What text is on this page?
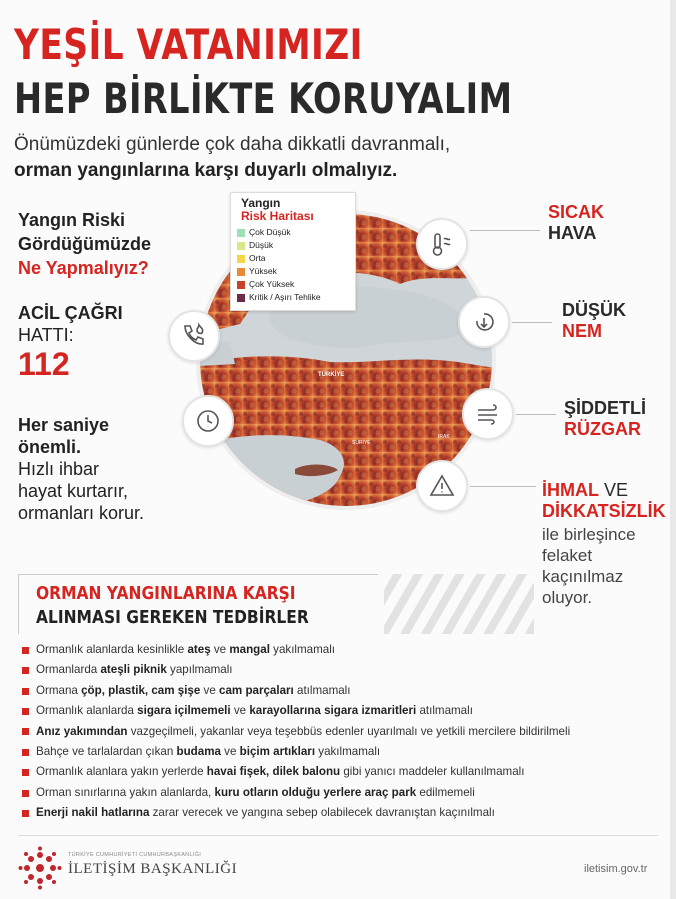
YEŞİL VATANIMIZI
HEP BİRLİKTE KORUYALIM
Önümüzdeki günlerde çok daha dikkatli davranmalı,
orman yangınlarına karşı duyarlı olmalıyız.
Yangın Riski
Gördüğümüzde
Ne Yapmalıyız?
ACİL ÇAĞRI
HATTI:
112
Her saniye
önemli.
Hızlı ihbar
hayat kurtarır,
ormanları korur.
TÜRKİYE
SURİYE
IRAK
Yangın
Risk Haritası
Çok Düşük
Düşük
Orta
Yüksek
Çok Yüksek
Kritik / Aşırı Tehlike
SICAK
HAVA
DÜŞÜK
NEM
ŞİDDETLİ
RÜZGAR
İHMAL VE
DİKKATSİZLİK
ile birleşince
felaket
kaçınılmaz
oluyor.
ORMAN YANGINLARINA KARŞI
ALINMASI GEREKEN TEDBİRLER
Ormanlık alanlarda kesinlikle ateş ve mangal yakılmamalı
Ormanlarda ateşli piknik yapılmamalı
Ormana çöp, plastik, cam şişe ve cam parçaları atılmamalı
Ormanlık alanlarda sigara içilmemeli ve karayollarına sigara izmaritleri atılmamalı
Anız yakımından vazgeçilmeli, yakanlar veya teşebbüs edenler uyarılmalı ve yetkili mercilere bildirilmeli
Bahçe ve tarlalardan çıkan budama ve biçim artıkları yakılmamalı
Ormanlık alanlara yakın yerlerde havai fişek, dilek balonu gibi yanıcı maddeler kullanılmamalı
Orman sınırlarına yakın alanlarda, kuru otların olduğu yerlere araç park edilmemeli
Enerji nakil hatlarına zarar verecek ve yangına sebep olabilecek davranıştan kaçınılmalı
TÜRKİYE CUMHURİYETİ CUMHURBAŞKANLIĞI
İLETİŞİM BAŞKANLIĞI	iletisim.gov.tr
